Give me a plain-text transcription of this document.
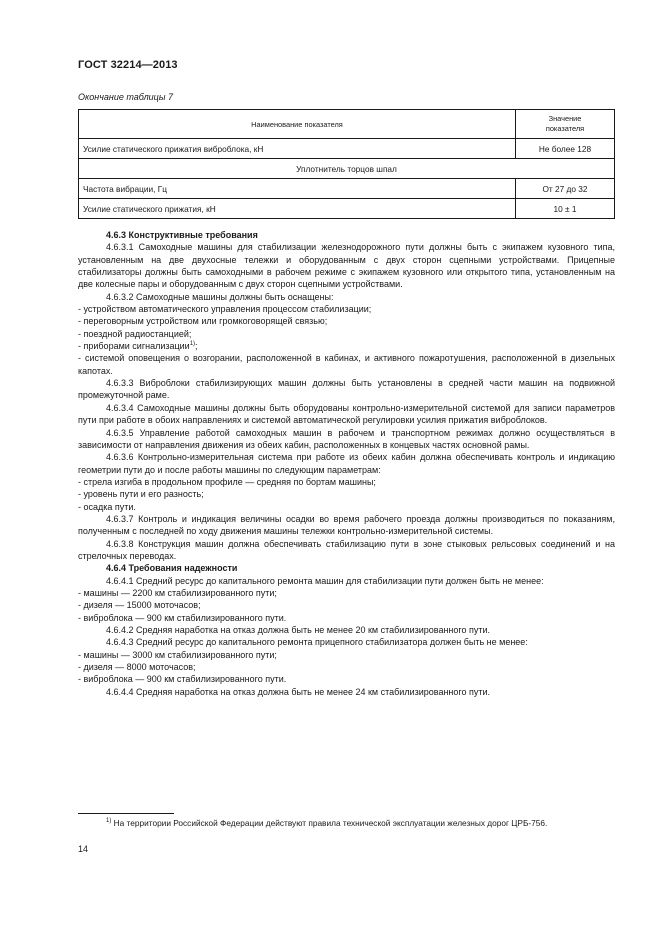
ГОСТ 32214—2013
Окончание таблицы 7
Наименование показателя	Значение
показателя
Усилие статического прижатия виброблока, кН	Не более 128
Уплотнитель торцов шпал	
Частота вибрации, Гц	От 27 до 32
Усилие статического прижатия, кН	10 ± 1

4.6.3 Конструктивные требования

4.6.3.1 Самоходные машины для стабилизации железнодорожного пути должны быть с экипажем кузовного типа, установленным на две двухосные тележки и оборудованным с двух сторон сцепными устройствами. Прицепные стабилизаторы должны быть самоходными в рабочем режиме с экипажем кузовного или открытого типа, установленным на две колесные пары и оборудованным с двух сторон сцепными устройствами.

4.6.3.2 Самоходные машины должны быть оснащены:

- устройством автоматического управления процессом стабилизации;

- переговорным устройством или громкоговорящей связью;

- поездной радиостанцией;

- приборами сигнализации$^{1)}$;

- системой оповещения о возгорании, расположенной в кабинах, и активного пожаротушения, расположенной в дизельных капотах.

4.6.3.3 Виброблоки стабилизирующих машин должны быть установлены в средней части машин на подвижной промежуточной раме.

4.6.3.4 Самоходные машины должны быть оборудованы контрольно-измерительной системой для записи параметров пути при работе в обоих направлениях и системой автоматической регулировки усилия прижатия виброблоков.

4.6.3.5 Управление работой самоходных машин в рабочем и транспортном режимах должно осуществляться в зависимости от направления движения из обеих кабин, расположенных в концевых частях основной рамы.

4.6.3.6 Контрольно-измерительная система при работе из обеих кабин должна обеспечивать контроль и индикацию геометрии пути до и после работы машины по следующим параметрам:

- стрела изгиба в продольном профиле — средняя по бортам машины;

- уровень пути и его разность;

- осадка пути.

4.6.3.7 Контроль и индикация величины осадки во время рабочего проезда должны производиться по показаниям, полученным с последней по ходу движения машины тележки контрольно-измерительной системы.

4.6.3.8 Конструкция машин должна обеспечивать стабилизацию пути в зоне стыковых рельсовых соединений и на стрелочных переводах.

4.6.4 Требования надежности

4.6.4.1 Средний ресурс до капитального ремонта машин для стабилизации пути должен быть не менее:

- машины — 2200 км стабилизированного пути;

- дизеля — 15000 моточасов;

- виброблока — 900 км стабилизированного пути.

4.6.4.2 Средняя наработка на отказ должна быть не менее 20 км стабилизированного пути.

4.6.4.3 Средний ресурс до капитального ремонта прицепного стабилизатора должен быть не менее:

- машины — 3000 км стабилизированного пути;

- дизеля — 8000 моточасов;

- виброблока — 900 км стабилизированного пути.

4.6.4.4 Средняя наработка на отказ должна быть не менее 24 км стабилизированного пути.

$^{1)}$ На территории Российской Федерации действуют правила технической эксплуатации железных дорог ЦРБ-756.
14
